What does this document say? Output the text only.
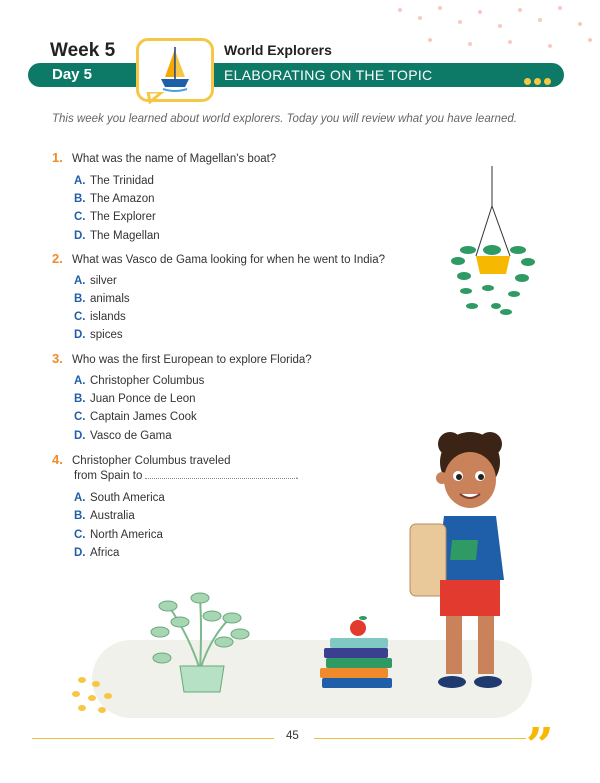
Week 5	World Explorers
Day 5	ELABORATING ON THE TOPIC
This week you learned about world explorers. Today you will review what you have learned.
1. What was the name of Magellan's boat?
A. The Trinidad
B. The Amazon
C. The Explorer
D. The Magellan
2. What was Vasco de Gama looking for when he went to India?
A. silver
B. animals
C. islands
D. spices
3. Who was the first European to explore Florida?
A. Christopher Columbus
B. Juan Ponce de Leon
C. Captain James Cook
D. Vasco de Gama
4. Christopher Columbus traveled
from Spain to	.
A. South America
B. Australia
C. North America
D. Africa
45	”
